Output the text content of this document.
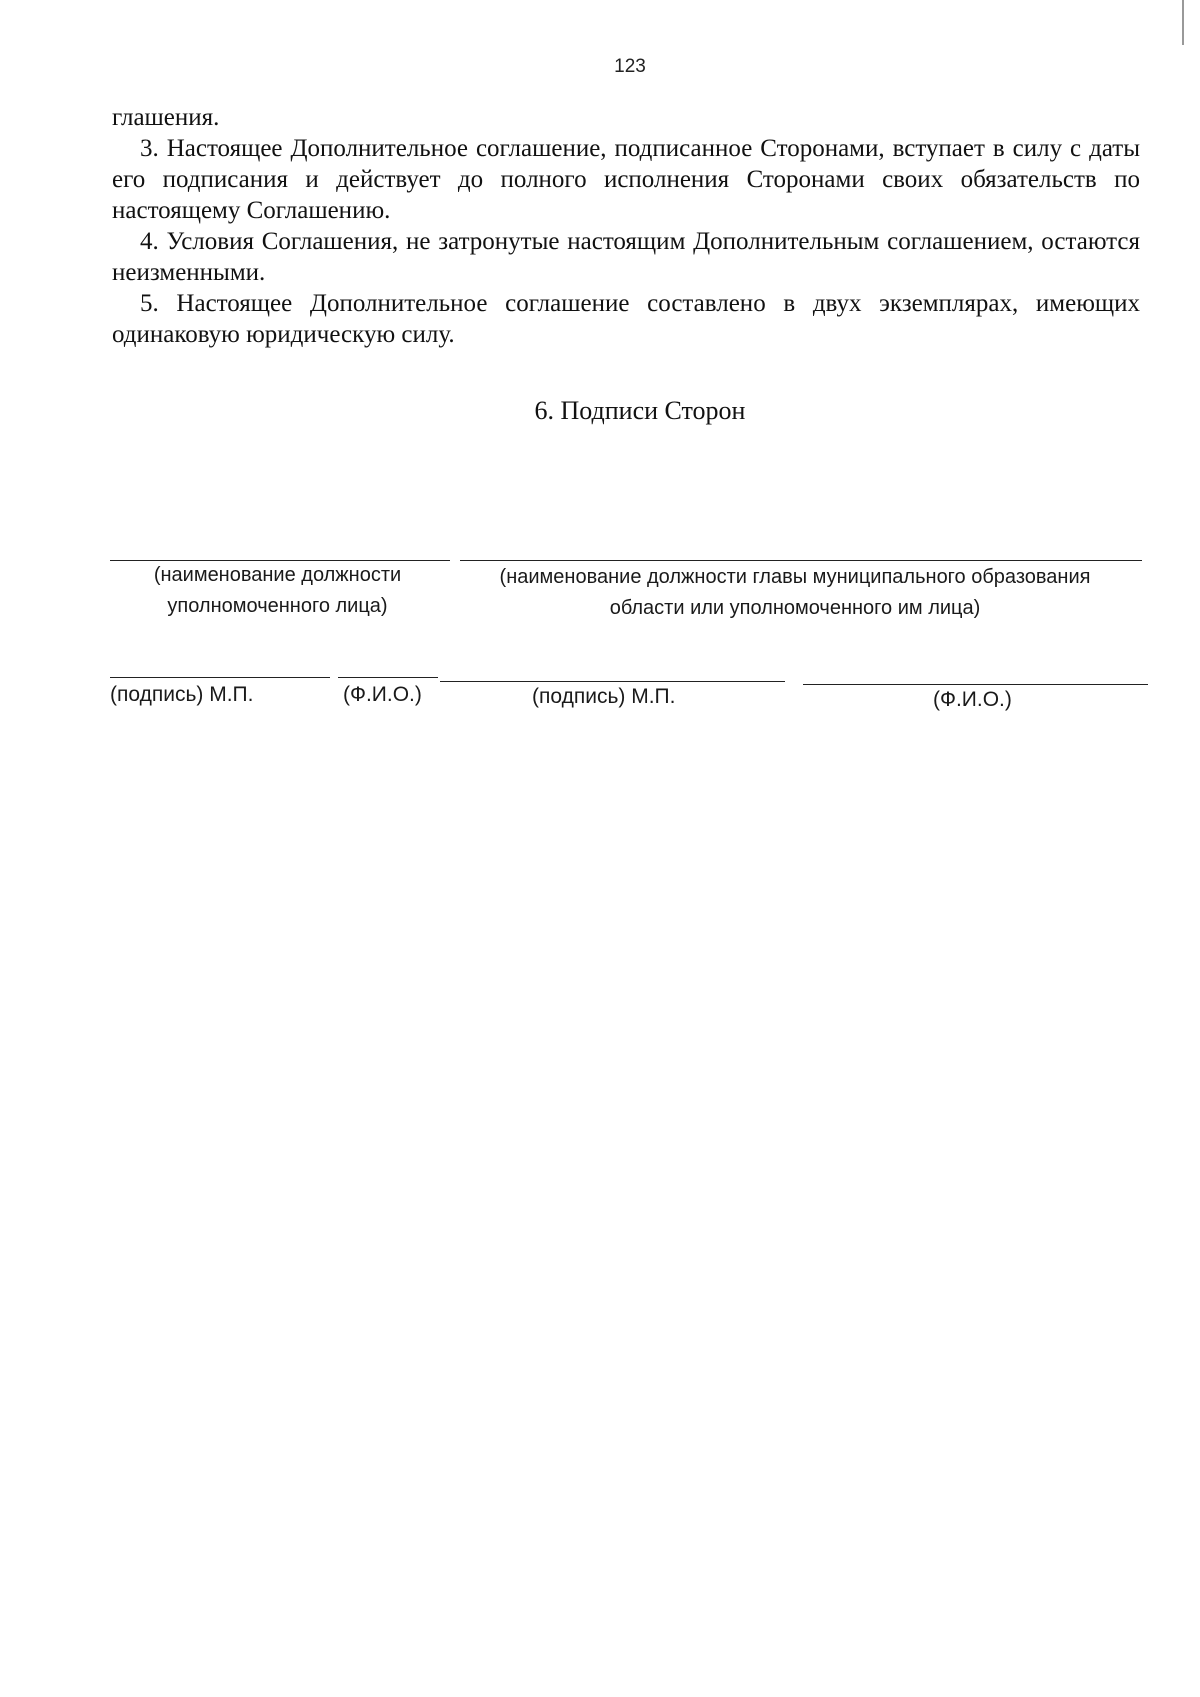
123

глашения.

3. Настоящее Дополнительное соглашение, подписанное Сторонами, вступает в силу с даты его подписания и действует до полного исполнения Сторонами своих обязательств по настоящему Соглашению.

4. Условия Соглашения, не затронутые настоящим Дополнительным соглашением, остаются неизменными.

5. Настоящее Дополнительное соглашение составлено в двух экземплярах, имеющих одинаковую юридическую силу.

6. Подписи Сторон
(наименование должности уполномоченного лица)
(наименование должности главы муниципального образования области или уполномоченного им лица)
(подпись) М.П.	(Ф.И.О.)	(подпись) М.П.	(Ф.И.О.)
